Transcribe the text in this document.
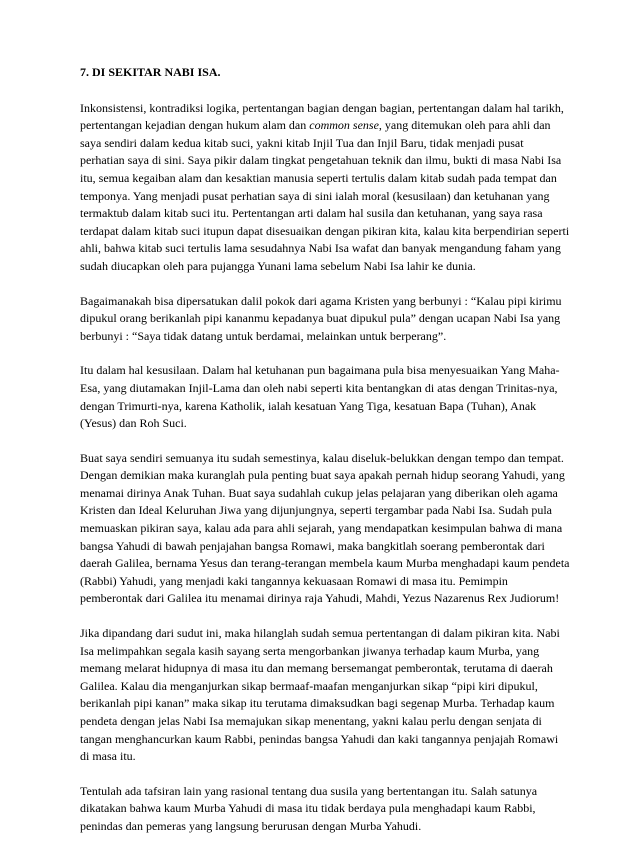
7. DI SEKITAR NABI ISA.

Inkonsistensi, kontradiksi logika, pertentangan bagian dengan bagian, pertentangan dalam hal tarikh, pertentangan kejadian dengan hukum alam dan common sense, yang ditemukan oleh para ahli dan saya sendiri dalam kedua kitab suci, yakni kitab Injil Tua dan Injil Baru, tidak menjadi pusat perhatian saya di sini. Saya pikir dalam tingkat pengetahuan teknik dan ilmu, bukti di masa Nabi Isa itu, semua kegaiban alam dan kesaktian manusia seperti tertulis dalam kitab sudah pada tempat dan temponya. Yang menjadi pusat perhatian saya di sini ialah moral (kesusilaan) dan ketuhanan yang termaktub dalam kitab suci itu. Pertentangan arti dalam hal susila dan ketuhanan, yang saya rasa terdapat dalam kitab suci itupun dapat disesuaikan dengan pikiran kita, kalau kita berpendirian seperti ahli, bahwa kitab suci tertulis lama sesudahnya Nabi Isa wafat dan banyak mengandung faham yang sudah diucapkan oleh para pujangga Yunani lama sebelum Nabi Isa lahir ke dunia.

Bagaimanakah bisa dipersatukan dalil pokok dari agama Kristen yang berbunyi : “Kalau pipi kirimu dipukul orang berikanlah pipi kananmu kepadanya buat dipukul pula” dengan ucapan Nabi Isa yang berbunyi : “Saya tidak datang untuk berdamai, melainkan untuk berperang”.

Itu dalam hal kesusilaan. Dalam hal ketuhanan pun bagaimana pula bisa menyesuaikan Yang Maha-Esa, yang diutamakan Injil-Lama dan oleh nabi seperti kita bentangkan di atas dengan Trinitas-nya, dengan Trimurti-nya, karena Katholik, ialah kesatuan Yang Tiga, kesatuan Bapa (Tuhan), Anak (Yesus) dan Roh Suci.

Buat saya sendiri semuanya itu sudah semestinya, kalau diseluk-belukkan dengan tempo dan tempat. Dengan demikian maka kuranglah pula penting buat saya apakah pernah hidup seorang Yahudi, yang menamai dirinya Anak Tuhan. Buat saya sudahlah cukup jelas pelajaran yang diberikan oleh agama Kristen dan Ideal Keluruhan Jiwa yang dijunjungnya, seperti tergambar pada Nabi Isa. Sudah pula memuaskan pikiran saya, kalau ada para ahli sejarah, yang mendapatkan kesimpulan bahwa di mana bangsa Yahudi di bawah penjajahan bangsa Romawi, maka bangkitlah soerang pemberontak dari daerah Galilea, bernama Yesus dan terang-terangan membela kaum Murba menghadapi kaum pendeta (Rabbi) Yahudi, yang menjadi kaki tangannya kekuasaan Romawi di masa itu. Pemimpin pemberontak dari Galilea itu menamai dirinya raja Yahudi, Mahdi, Yezus Nazarenus Rex Judiorum!

Jika dipandang dari sudut ini, maka hilanglah sudah semua pertentangan di dalam pikiran kita. Nabi Isa melimpahkan segala kasih sayang serta mengorbankan jiwanya terhadap kaum Murba, yang memang melarat hidupnya di masa itu dan memang bersemangat pemberontak, terutama di daerah Galilea. Kalau dia menganjurkan sikap bermaaf-maafan menganjurkan sikap “pipi kiri dipukul, berikanlah pipi kanan” maka sikap itu terutama dimaksudkan bagi segenap Murba. Terhadap kaum pendeta dengan jelas Nabi Isa memajukan sikap menentang, yakni kalau perlu dengan senjata di tangan menghancurkan kaum Rabbi, penindas bangsa Yahudi dan kaki tangannya penjajah Romawi di masa itu.

Tentulah ada tafsiran lain yang rasional tentang dua susila yang bertentangan itu. Salah satunya dikatakan bahwa kaum Murba Yahudi di masa itu tidak berdaya pula menghadapi kaum Rabbi, penindas dan pemeras yang langsung berurusan dengan Murba Yahudi.
